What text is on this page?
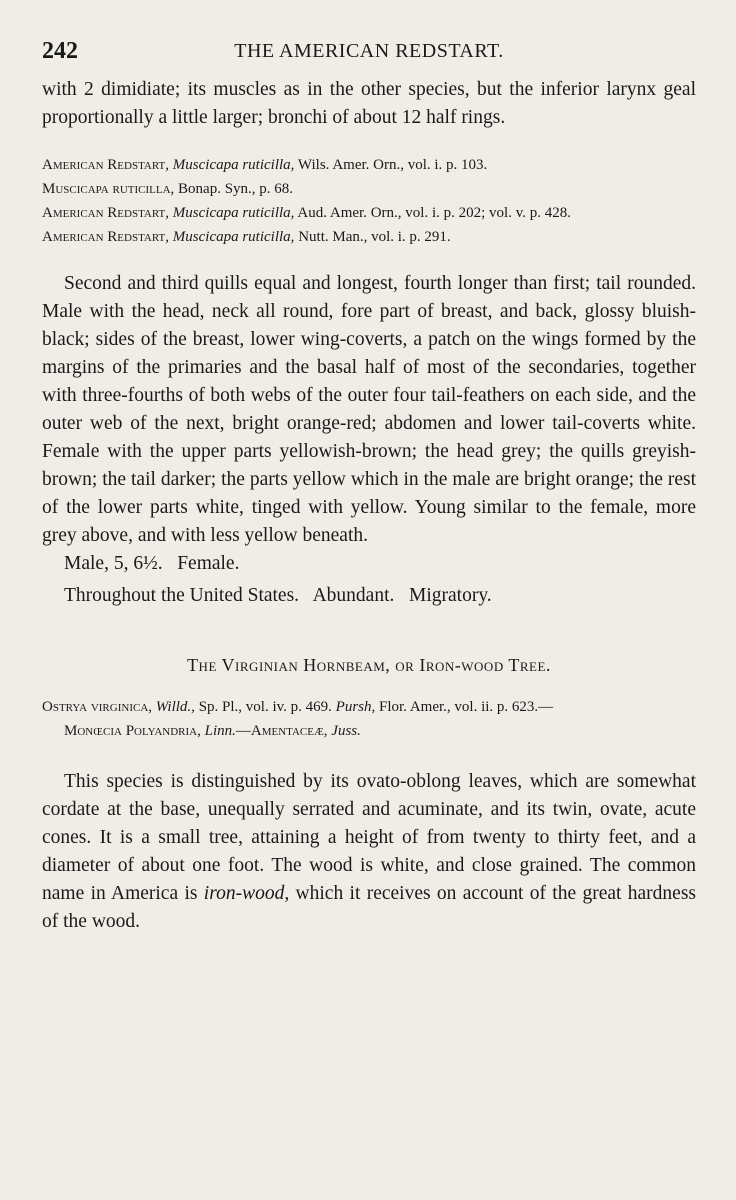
242	THE AMERICAN REDSTART.

with 2 dimidiate; its muscles as in the other species, but the inferior larynx geal proportionally a little larger; bronchi of about 12 half rings.

American Redstart, Muscicapa ruticilla, Wils. Amer. Orn., vol. i. p. 103.
Muscicapa ruticilla, Bonap. Syn., p. 68.
American Redstart, Muscicapa ruticilla, Aud. Amer. Orn., vol. i. p. 202; vol. v. p. 428.
American Redstart, Muscicapa ruticilla, Nutt. Man., vol. i. p. 291.

Second and third quills equal and longest, fourth longer than first; tail rounded. Male with the head, neck all round, fore part of breast, and back, glossy bluish-black; sides of the breast, lower wing-coverts, a patch on the wings formed by the margins of the primaries and the basal half of most of the secondaries, together with three-fourths of both webs of the outer four tail-feathers on each side, and the outer web of the next, bright orange-red; abdomen and lower tail-coverts white. Female with the upper parts yellowish-brown; the head grey; the quills greyish-brown; the tail darker; the parts yellow which in the male are bright orange; the rest of the lower parts white, tinged with yellow. Young similar to the female, more grey above, and with less yellow beneath.

Male, 5, 6½.   Female.

Throughout the United States.   Abundant.   Migratory.

The Virginian Hornbeam, or Iron-wood Tree.
Ostrya virginica, Willd., Sp. Pl., vol. iv. p. 469. Pursh, Flor. Amer., vol. ii. p. 623.—
Monœcia Polyandria, Linn.—Amentaceæ, Juss.

This species is distinguished by its ovato-oblong leaves, which are somewhat cordate at the base, unequally serrated and acuminate, and its twin, ovate, acute cones. It is a small tree, attaining a height of from twenty to thirty feet, and a diameter of about one foot. The wood is white, and close grained. The common name in America is iron-wood, which it receives on account of the great hardness of the wood.
